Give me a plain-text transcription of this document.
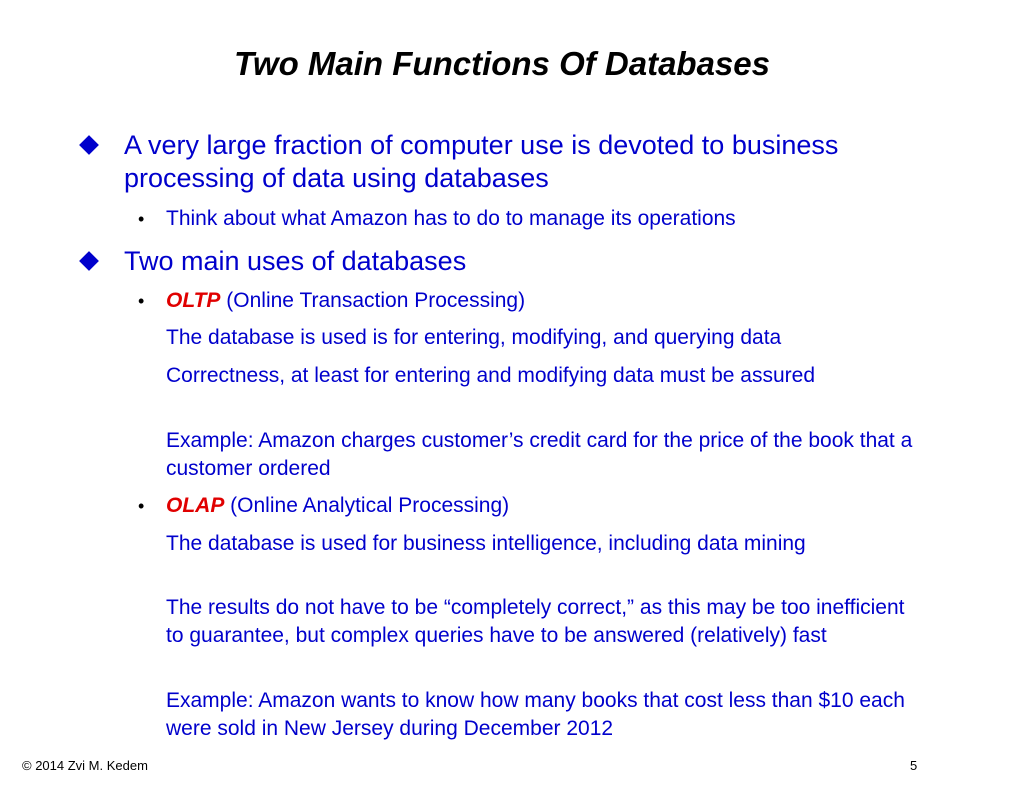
Two Main Functions Of Databases
A very large fraction of computer use is devoted to business processing of data using databases
• Think about what Amazon has to do to manage its operations
Two main uses of databases
• OLTP (Online Transaction Processing)
The database is used is for entering, modifying, and querying data
Correctness, at least for entering and modifying data must be assured
Example: Amazon charges customer’s credit card for the price of the book that a customer ordered
• OLAP (Online Analytical Processing)
The database is used for business intelligence, including data mining
The results do not have to be “completely correct,” as this may be too inefficient to guarantee, but complex queries have to be answered (relatively) fast
Example: Amazon wants to know how many books that cost less than $10 each were sold in New Jersey during December 2012
© 2014 Zvi M. Kedem	5
